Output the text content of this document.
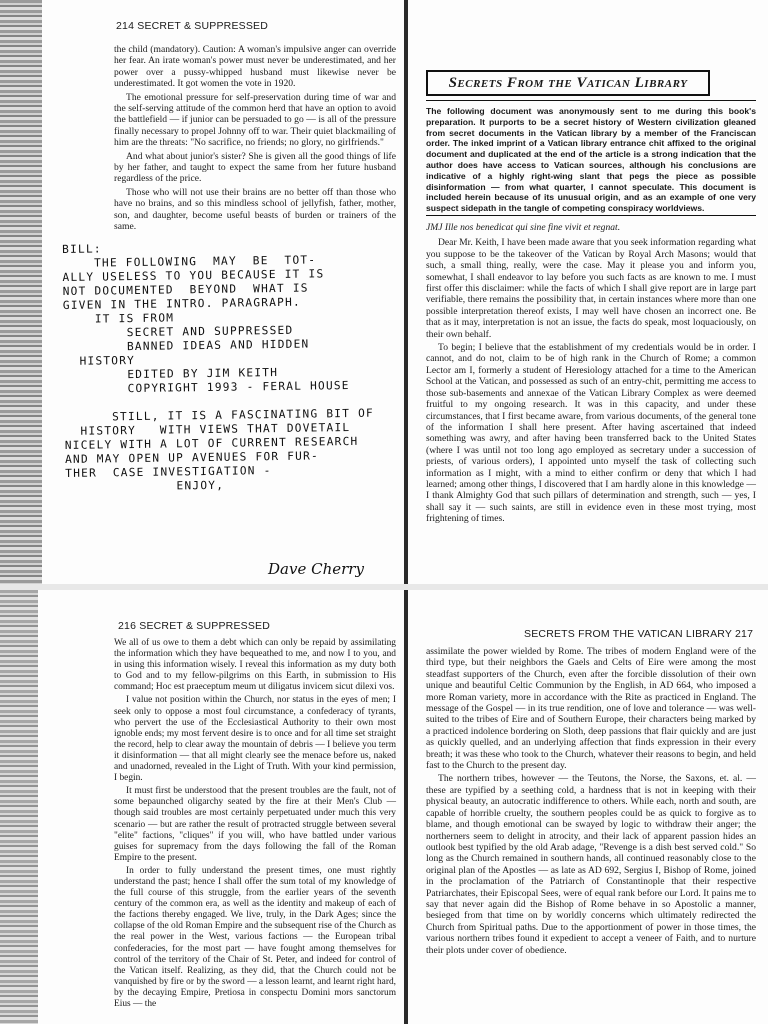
214 SECRET & SUPPRESSED

the child (mandatory). Caution: A woman's impulsive anger can override her fear. An irate woman's power must never be underestimated, and her power over a pussy-whipped husband must likewise never be underestimated. It got women the vote in 1920.

The emotional pressure for self-preservation during time of war and the self-serving attitude of the common herd that have an option to avoid the battlefield — if junior can be persuaded to go — is all of the pressure finally necessary to propel Johnny off to war. Their quiet blackmailing of him are the threats: "No sacrifice, no friends; no glory, no girlfriends."

And what about junior's sister? She is given all the good things of life by her father, and taught to expect the same from her future husband regardless of the price.

Those who will not use their brains are no better off than those who have no brains, and so this mindless school of jellyfish, father, mother, son, and daughter, become useful beasts of burden or trainers of the same.

BILL:
THE FOLLOWING  MAY  BE  TOT-
ALLY USELESS TO YOU BECAUSE IT IS
NOT DOCUMENTED  BEYOND  WHAT IS
GIVEN IN THE INTRO. PARAGRAPH.
IT IS FROM
SECRET AND SUPPRESSED
BANNED IDEAS AND HIDDEN
HISTORY
EDITED BY JIM KEITH
COPYRIGHT 1993 - FERAL HOUSE

STILL, IT IS A FASCINATING BIT OF
HISTORY   WITH VIEWS THAT DOVETAIL
NICELY WITH A LOT OF CURRENT RESEARCH
AND MAY OPEN UP AVENUES FOR FUR-
THER  CASE INVESTIGATION -
ENJOY,
Dave Cherry
Secrets From the Vatican Library
The following document was anonymously sent to me during this book's preparation. It purports to be a secret history of Western civilization gleaned from secret documents in the Vatican library by a member of the Franciscan order. The inked imprint of a Vatican library entrance chit affixed to the original document and duplicated at the end of the article is a strong indication that the author does have access to Vatican sources, although his conclusions are indicative of a highly right-wing slant that pegs the piece as possible disinformation — from what quarter, I cannot speculate. This document is included herein because of its unusual origin, and as an example of one very suspect sidepath in the tangle of competing conspiracy worldviews.

JMJ Ille nos benedicat qui sine fine vivit et regnat.

Dear Mr. Keith, I have been made aware that you seek information regarding what you suppose to be the takeover of the Vatican by Royal Arch Masons; would that such, a small thing, really, were the case. May it please you and inform you, somewhat, I shall endeavor to lay before you such facts as are known to me. I must first offer this disclaimer: while the facts of which I shall give report are in large part verifiable, there remains the possibility that, in certain instances where more than one possible interpretation thereof exists, I may well have chosen an incorrect one. Be that as it may, interpretation is not an issue, the facts do speak, most loquaciously, on their own behalf.

To begin; I believe that the establishment of my credentials would be in order. I cannot, and do not, claim to be of high rank in the Church of Rome; a common Lector am I, formerly a student of Heresiology attached for a time to the American School at the Vatican, and possessed as such of an entry-chit, permitting me access to those sub-basements and annexae of the Vatican Library Complex as were deemed fruitful to my ongoing research. It was in this capacity, and under these circumstances, that I first became aware, from various documents, of the general tone of the information I shall here present. After having ascertained that indeed something was awry, and after having been transferred back to the United States (where I was until not too long ago employed as secretary under a succession of priests, of various orders), I appointed unto myself the task of collecting such information as I might, with a mind to either confirm or deny that which I had learned; among other things, I discovered that I am hardly alone in this knowledge — I thank Almighty God that such pillars of determination and strength, such — yes, I shall say it — such saints, are still in evidence even in these most trying, most frightening of times.

216 SECRET & SUPPRESSED

We all of us owe to them a debt which can only be repaid by assimilating the information which they have bequeathed to me, and now I to you, and in using this information wisely. I reveal this information as my duty both to God and to my fellow-pilgrims on this Earth, in submission to His command; Hoc est praeceptum meum ut diligatus invicem sicut dilexi vos.

I value not position within the Church, nor status in the eyes of men; I seek only to oppose a most foul circumstance, a confederacy of tyrants, who pervert the use of the Ecclesiastical Authority to their own most ignoble ends; my most fervent desire is to once and for all time set straight the record, help to clear away the mountain of debris — I believe you term it disinformation — that all might clearly see the menace before us, naked and unadorned, revealed in the Light of Truth. With your kind permission, I begin.

It must first be understood that the present troubles are the fault, not of some bepaunched oligarchy seated by the fire at their Men's Club — though said troubles are most certainly perpetuated under much this very scenario — but are rather the result of protracted struggle between several "elite" factions, "cliques" if you will, who have battled under various guises for supremacy from the days following the fall of the Roman Empire to the present.

In order to fully understand the present times, one must rightly understand the past; hence I shall offer the sum total of my knowledge of the full course of this struggle, from the earlier years of the seventh century of the common era, as well as the identity and makeup of each of the factions thereby engaged. We live, truly, in the Dark Ages; since the collapse of the old Roman Empire and the subsequent rise of the Church as the real power in the West, various factions — the European tribal confederacies, for the most part — have fought among themselves for control of the territory of the Chair of St. Peter, and indeed for control of the Vatican itself. Realizing, as they did, that the Church could not be vanquished by fire or by the sword — a lesson learnt, and learnt right hard, by the decaying Empire, Pretiosa in conspectu Domini mors sanctorum Eius — the

SECRETS FROM THE VATICAN LIBRARY 217

assimilate the power wielded by Rome. The tribes of modern England were of the third type, but their neighbors the Gaels and Celts of Eire were among the most steadfast supporters of the Church, even after the forcible dissolution of their own unique and beautiful Celtic Communion by the English, in AD 664, who imposed a more Roman variety, more in accordance with the Rite as practiced in England. The message of the Gospel — in its true rendition, one of love and tolerance — was well-suited to the tribes of Eire and of Southern Europe, their characters being marked by a practiced indolence bordering on Sloth, deep passions that flair quickly and are just as quickly quelled, and an underlying affection that finds expression in their every breath; it was these who took to the Church, whatever their reasons to begin, and held fast to the Church to the present day.

The northern tribes, however — the Teutons, the Norse, the Saxons, et. al. — these are typified by a seething cold, a hardness that is not in keeping with their physical beauty, an autocratic indifference to others. While each, north and south, are capable of horrible cruelty, the southern peoples could be as quick to forgive as to blame, and though emotional can be swayed by logic to withdraw their anger; the northerners seem to delight in atrocity, and their lack of apparent passion hides an outlook best typified by the old Arab adage, "Revenge is a dish best served cold." So long as the Church remained in southern hands, all continued reasonably close to the original plan of the Apostles — as late as AD 692, Sergius I, Bishop of Rome, joined in the proclamation of the Patriarch of Constantinople that their respective Patriarchates, their Episcopal Sees, were of equal rank before our Lord. It pains me to say that never again did the Bishop of Rome behave in so Apostolic a manner, besieged from that time on by worldly concerns which ultimately redirected the Church from Spiritual paths. Due to the apportionment of power in those times, the various northern tribes found it expedient to accept a veneer of Faith, and to nurture their plots under cover of obedience.
